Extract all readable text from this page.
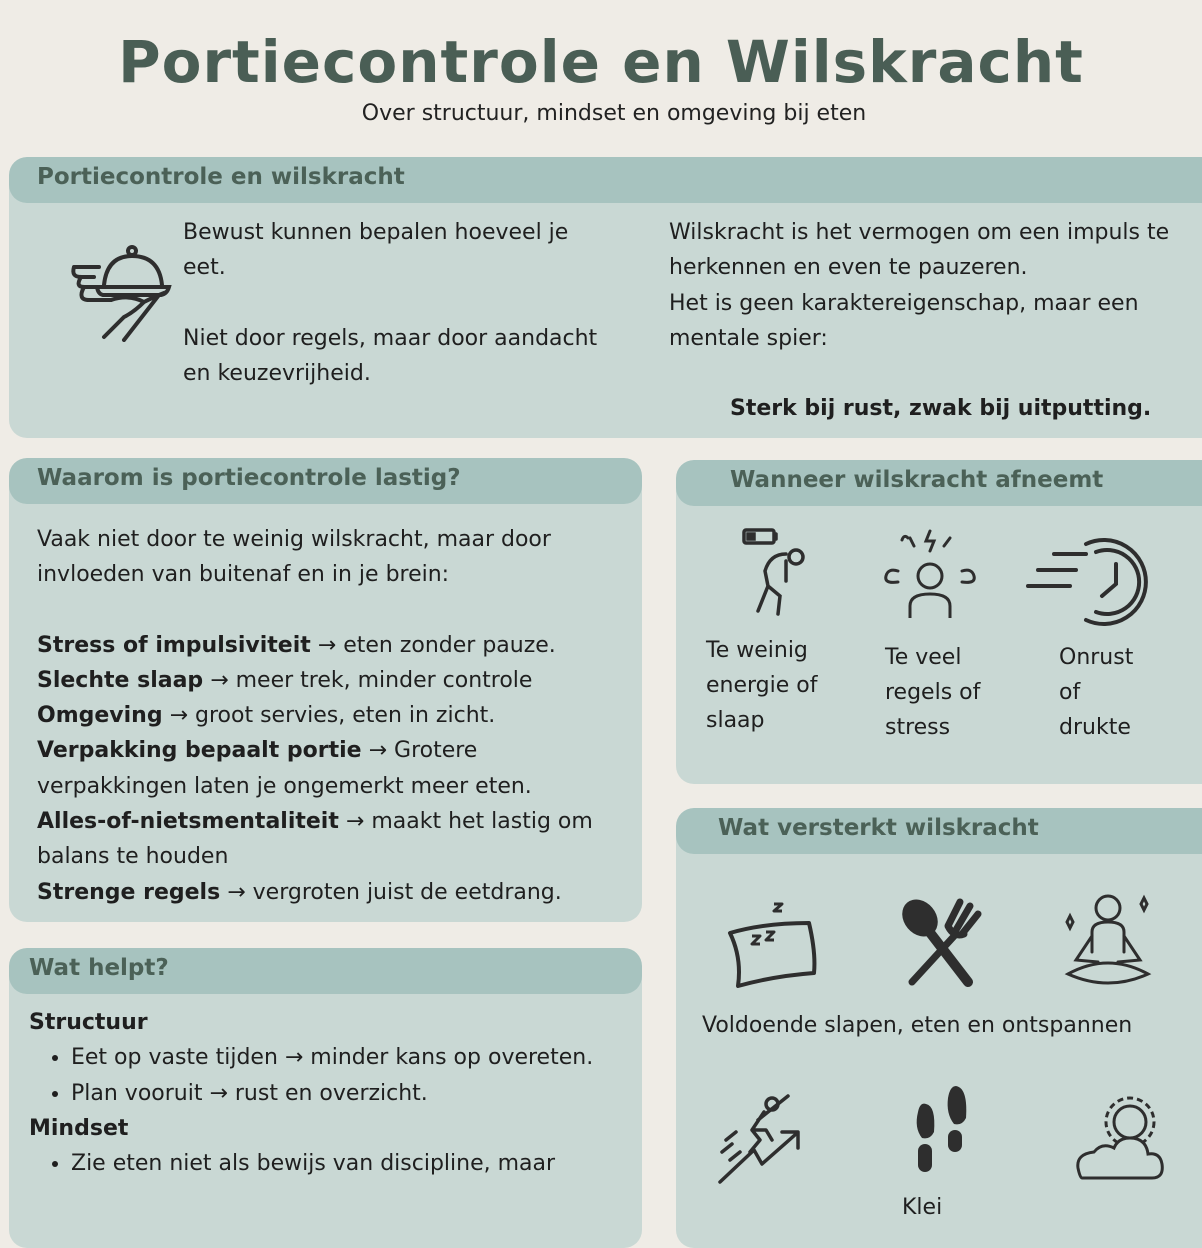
Portiecontrole en Wilskracht
Over structuur, mindset en omgeving bij eten
Portiecontrole en wilskracht

Bewust kunnen bepalen hoeveel je eet.

Niet door regels, maar door aandacht en keuzevrijheid.

Wilskracht is het vermogen om een impuls te herkennen en even te pauzeren.

Het is geen karaktereigenschap, maar een mentale spier:

Sterk bij rust, zwak bij uitputting.
Waarom is portiecontrole lastig?

Vaak niet door te weinig wilskracht, maar door invloeden van buitenaf en in je brein:

Stress of impulsiviteit → eten zonder pauze.

Slechte slaap → meer trek, minder controle

Omgeving → groot servies, eten in zicht.

Verpakking bepaalt portie → Grotere verpakkingen laten je ongemerkt meer eten.

Alles-of-nietsmentaliteit → maakt het lastig om balans te houden

Strenge regels → vergroten juist de eetdrang.

Wanneer wilskracht afneemt
Te weinig energie of slaap
Te veel regels of stress
Onrust of drukte
Wat helpt?

Structuur

• Eet op vaste tijden → minder kans op overeten.
• Plan vooruit → rust en overzicht.

Mindset

• Zie eten niet als bewijs van discipline, maar
Wat versterkt wilskracht
Voldoende slapen, eten en ontspannen
Klei
